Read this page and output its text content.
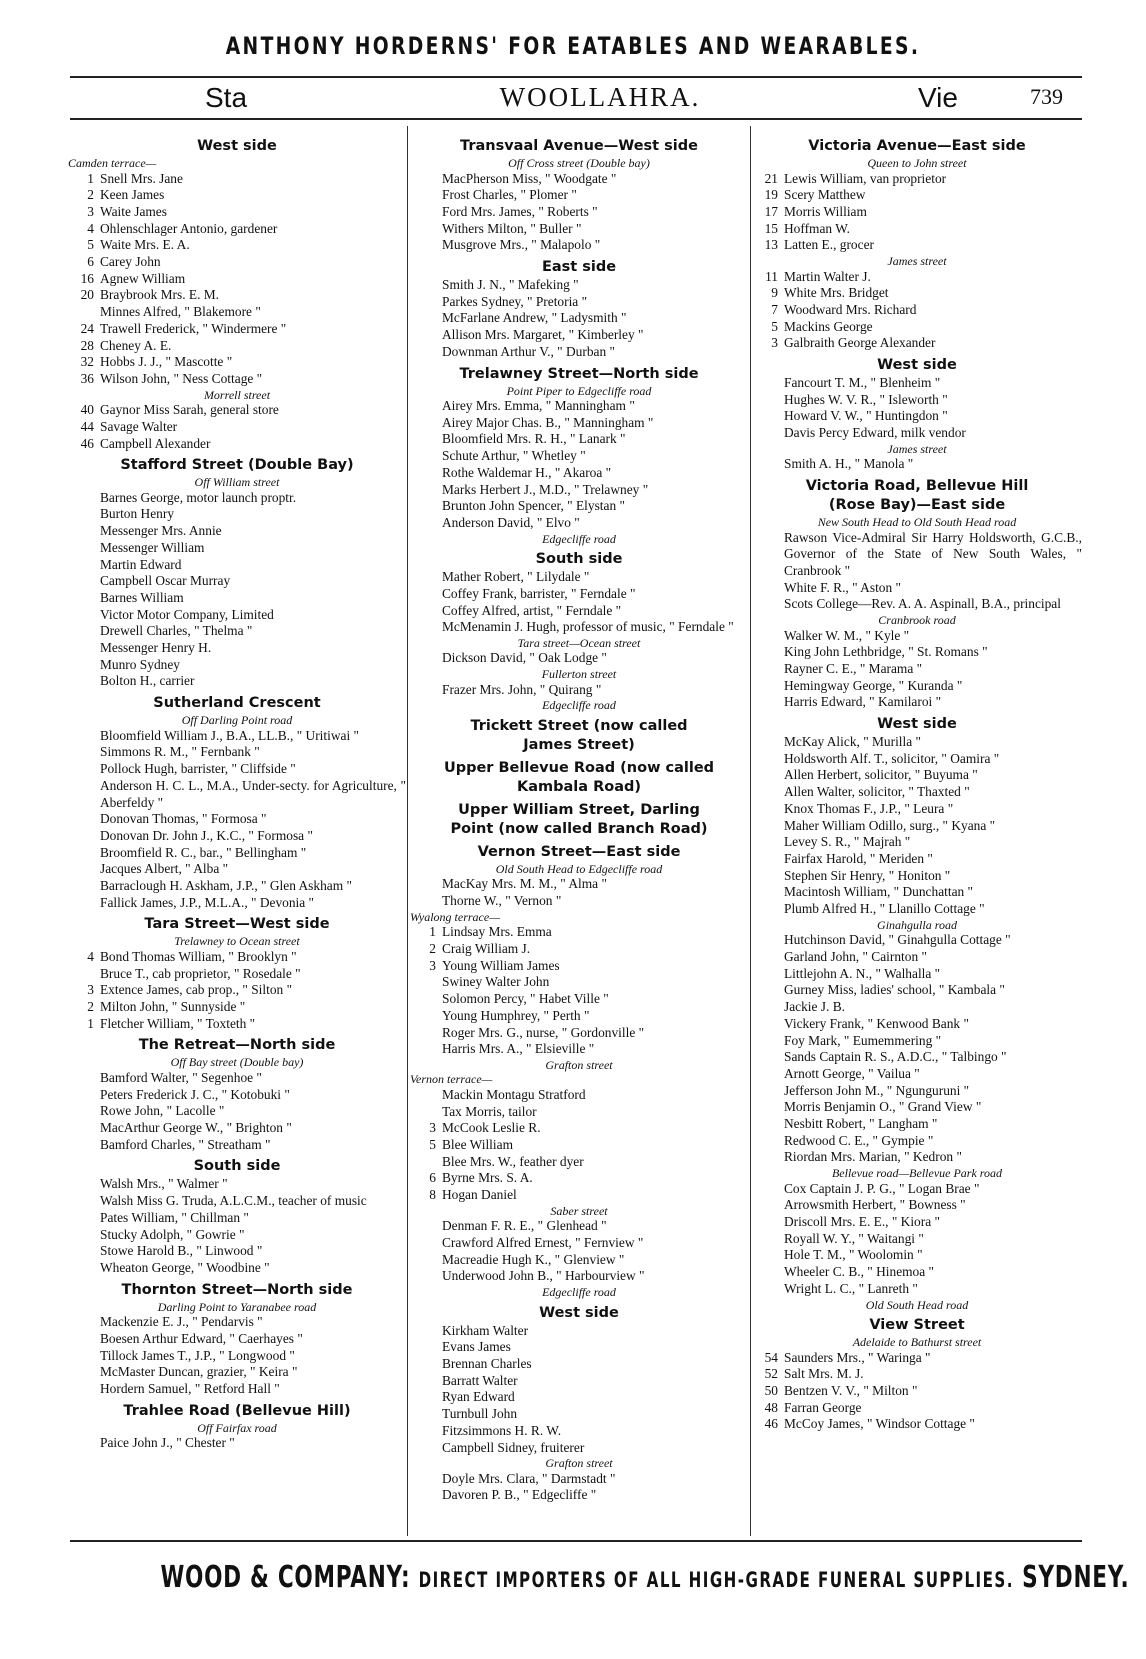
ANTHONY HORDERNS' FOR EATABLES AND WEARABLES.
Sta	WOOLLAHRA.	Vie	739
West side
Camden terrace—
1 Snell Mrs. Jane
2 Keen James
3 Waite James
4 Ohlenschlager Antonio, gardener
5 Waite Mrs. E. A.
6 Carey John
16 Agnew William
20 Braybrook Mrs. E. M.
Minnes Alfred, " Blakemore "
24 Trawell Frederick, " Windermere "
28 Cheney A. E.
32 Hobbs J. J., " Mascotte "
36 Wilson John, " Ness Cottage "
Morrell street
40 Gaynor Miss Sarah, general store
44 Savage Walter
46 Campbell Alexander
Stafford Street (Double Bay)
Off William street
Barnes George, motor launch proptr.
Burton Henry
Messenger Mrs. Annie
Messenger William
Martin Edward
Campbell Oscar Murray
Barnes William
Victor Motor Company, Limited
Drewell Charles, " Thelma "
Messenger Henry H.
Munro Sydney
Bolton H., carrier
Sutherland Crescent
Off Darling Point road
Bloomfield William J., B.A., LL.B., " Uritiwai "
Simmons R. M., " Fernbank "
Pollock Hugh, barrister, " Cliffside "
Anderson H. C. L., M.A., Under-secty. for Agriculture, " Aberfeldy "
Donovan Thomas, " Formosa "
Donovan Dr. John J., K.C., " Formosa "
Broomfield R. C., bar., " Bellingham "
Jacques Albert, " Alba "
Barraclough H. Askham, J.P., " Glen Askham "
Fallick James, J.P., M.L.A., " Devonia "
Tara Street—West side
Trelawney to Ocean street
4 Bond Thomas William, " Brooklyn "
Bruce T., cab proprietor, " Rosedale "
3 Extence James, cab prop., " Silton "
2 Milton John, " Sunnyside "
1 Fletcher William, " Toxteth "
The Retreat—North side
Off Bay street (Double bay)
Bamford Walter, " Segenhoe "
Peters Frederick J. C., " Kotobuki "
Rowe John, " Lacolle "
MacArthur George W., " Brighton "
Bamford Charles, " Streatham "
South side
Walsh Mrs., " Walmer "
Walsh Miss G. Truda, A.L.C.M., teacher of music
Pates William, " Chillman "
Stucky Adolph, " Gowrie "
Stowe Harold B., " Linwood "
Wheaton George, " Woodbine "
Thornton Street—North side
Darling Point to Yaranabee road
Mackenzie E. J., " Pendarvis "
Boesen Arthur Edward, " Caerhayes "
Tillock James T., J.P., " Longwood "
McMaster Duncan, grazier, " Keira "
Hordern Samuel, " Retford Hall "
Trahlee Road (Bellevue Hill)
Off Fairfax road
Paice John J., " Chester "
Transvaal Avenue—West side
Off Cross street (Double bay)
MacPherson Miss, " Woodgate "
Frost Charles, " Plomer "
Ford Mrs. James, " Roberts "
Withers Milton, " Buller "
Musgrove Mrs., " Malapolo "
East side
Smith J. N., " Mafeking "
Parkes Sydney, " Pretoria "
McFarlane Andrew, " Ladysmith "
Allison Mrs. Margaret, " Kimberley "
Downman Arthur V., " Durban "
Trelawney Street—North side
Point Piper to Edgecliffe road
Airey Mrs. Emma, " Manningham "
Airey Major Chas. B., " Manningham "
Bloomfield Mrs. R. H., " Lanark "
Schute Arthur, " Whetley "
Rothe Waldemar H., " Akaroa "
Marks Herbert J., M.D., " Trelawney "
Brunton John Spencer, " Elystan "
Anderson David, " Elvo "
Edgecliffe road
South side
Mather Robert, " Lilydale "
Coffey Frank, barrister, " Ferndale "
Coffey Alfred, artist, " Ferndale "
McMenamin J. Hugh, professor of music, " Ferndale "
Tara street—Ocean street
Dickson David, " Oak Lodge "
Fullerton street
Frazer Mrs. John, " Quirang "
Edgecliffe road
Trickett Street (now called
James Street)
Upper Bellevue Road (now called
Kambala Road)
Upper William Street, Darling
Point (now called Branch Road)
Vernon Street—East side
Old South Head to Edgecliffe road
MacKay Mrs. M. M., " Alma "
Thorne W., " Vernon "
Wyalong terrace—
1 Lindsay Mrs. Emma
2 Craig William J.
3 Young William James
Swiney Walter John
Solomon Percy, " Habet Ville "
Young Humphrey, " Perth "
Roger Mrs. G., nurse, " Gordonville "
Harris Mrs. A., " Elsieville "
Grafton street
Vernon terrace—
Mackin Montagu Stratford
Tax Morris, tailor
3 McCook Leslie R.
5 Blee William
Blee Mrs. W., feather dyer
6 Byrne Mrs. S. A.
8 Hogan Daniel
Saber street
Denman F. R. E., " Glenhead "
Crawford Alfred Ernest, " Fernview "
Macreadie Hugh K., " Glenview "
Underwood John B., " Harbourview "
Edgecliffe road
West side
Kirkham Walter
Evans James
Brennan Charles
Barratt Walter
Ryan Edward
Turnbull John
Fitzsimmons H. R. W.
Campbell Sidney, fruiterer
Grafton street
Doyle Mrs. Clara, " Darmstadt "
Davoren P. B., " Edgecliffe "
Victoria Avenue—East side
Queen to John street
21 Lewis William, van proprietor
19 Scery Matthew
17 Morris William
15 Hoffman W.
13 Latten E., grocer
James street
11 Martin Walter J.
9 White Mrs. Bridget
7 Woodward Mrs. Richard
5 Mackins George
3 Galbraith George Alexander
West side
Fancourt T. M., " Blenheim "
Hughes W. V. R., " Isleworth "
Howard V. W., " Huntingdon "
Davis Percy Edward, milk vendor
James street
Smith A. H., " Manola "
Victoria Road, Bellevue Hill
(Rose Bay)—East side
New South Head to Old South Head road
Rawson Vice-Admiral Sir Harry Holdsworth, G.C.B., Governor of the State of New South Wales, " Cranbrook "
White F. R., " Aston "
Scots College—Rev. A. A. Aspinall, B.A., principal
Cranbrook road
Walker W. M., " Kyle "
King John Lethbridge, " St. Romans "
Rayner C. E., " Marama "
Hemingway George, " Kuranda "
Harris Edward, " Kamilaroi "
West side
McKay Alick, " Murilla "
Holdsworth Alf. T., solicitor, " Oamira "
Allen Herbert, solicitor, " Buyuma "
Allen Walter, solicitor, " Thaxted "
Knox Thomas F., J.P., " Leura "
Maher William Odillo, surg., " Kyana "
Levey S. R., " Majrah "
Fairfax Harold, " Meriden "
Stephen Sir Henry, " Honiton "
Macintosh William, " Dunchattan "
Plumb Alfred H., " Llanillo Cottage "
Ginahgulla road
Hutchinson David, " Ginahgulla Cottage "
Garland John, " Cairnton "
Littlejohn A. N., " Walhalla "
Gurney Miss, ladies' school, " Kambala "
Jackie J. B.
Vickery Frank, " Kenwood Bank "
Foy Mark, " Eumemmering "
Sands Captain R. S., A.D.C., " Talbingo "
Arnott George, " Vailua "
Jefferson John M., " Ngunguruni "
Morris Benjamin O., " Grand View "
Nesbitt Robert, " Langham "
Redwood C. E., " Gympie "
Riordan Mrs. Marian, " Kedron "
Bellevue road—Bellevue Park road
Cox Captain J. P. G., " Logan Brae "
Arrowsmith Herbert, " Bowness "
Driscoll Mrs. E. E., " Kiora "
Royall W. Y., " Waitangi "
Hole T. M., " Woolomin "
Wheeler C. B., " Hinemoa "
Wright L. C., " Lanreth "
Old South Head road
View Street
Adelaide to Bathurst street
54 Saunders Mrs., " Waringa "
52 Salt Mrs. M. J.
50 Bentzen V. V., " Milton "
48 Farran George
46 McCoy James, " Windsor Cottage "
WOOD & COMPANY: DIRECT IMPORTERS OF ALL HIGH-GRADE FUNERAL SUPPLIES. SYDNEY.
